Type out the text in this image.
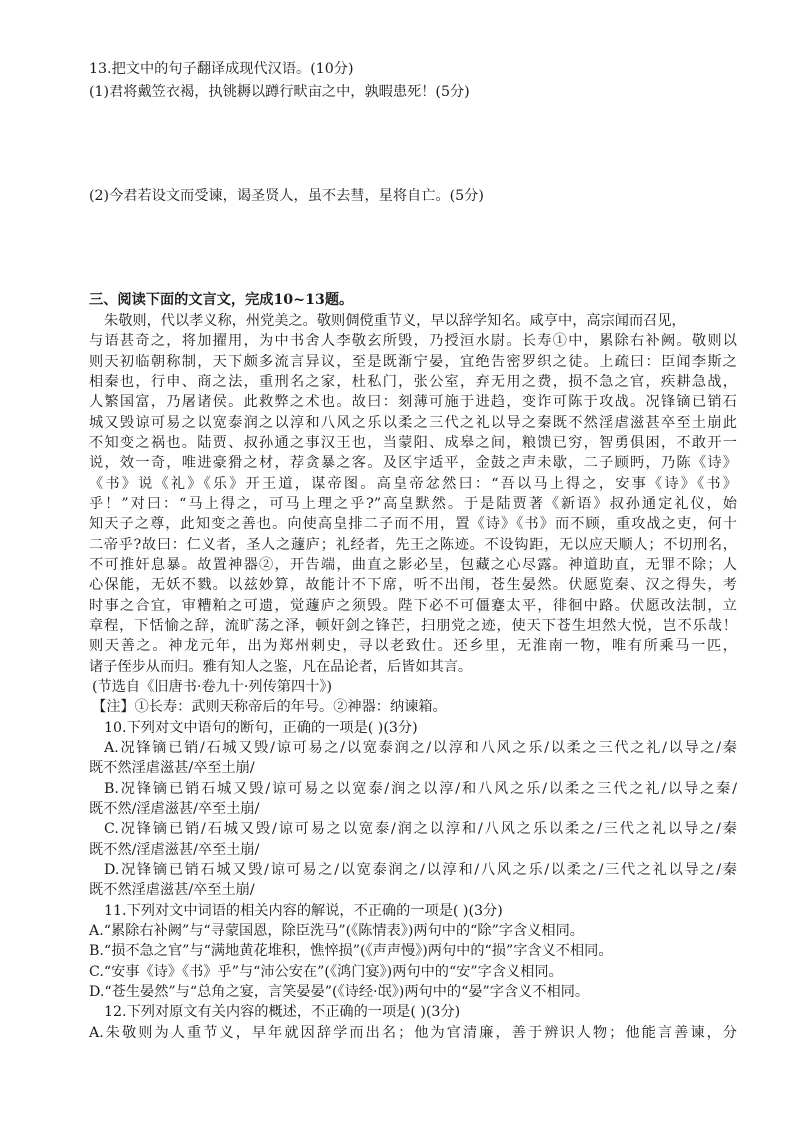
13.把文中的句子翻译成现代汉语。(10分)
(1)君将戴笠衣褐，执铫耨以蹲行畎亩之中，孰暇患死！(5分)
(2)今君若设文而受谏，谒圣贤人，虽不去彗，星将自亡。(5分)
三、阅读下面的文言文，完成10~13题。
朱敬则，代以孝义称，州党美之。敬则倜傥重节义，早以辞学知名。咸亨中，高宗闻而召见，
与语甚奇之，将加擢用，为中书舍人李敬玄所毁，乃授洹水尉。长寿①中，累除右补阙。敬则以
则天初临朝称制，天下颇多流言异议，至是既渐宁晏，宜绝告密罗织之徒。上疏曰：臣闻李斯之
相秦也，行申、商之法，重刑名之家，杜私门，张公室，弃无用之费，损不急之官，疾耕急战，
人繁国富，乃屠诸侯。此救弊之术也。故曰：刻薄可施于进趋，变诈可陈于攻战。况锋镝已销石
城又毁谅可易之以宽泰润之以淳和八风之乐以柔之三代之礼以导之秦既不然淫虐滋甚卒至土崩此
不知变之祸也。陆贾、叔孙通之事汉王也，当蒙阳、成皋之间，粮馈已穷，智勇俱困，不敢开一
说，效一奇，唯进豪猾之材，荐贪暴之客。及区宇适平，金鼓之声未歇，二子顾眄，乃陈《诗》
《书》说《礼》《乐》开王道，谋帝图。高皇帝忿然曰：“吾以马上得之，安事《诗》《书》
乎！”对曰：“马上得之，可马上理之乎?”高皇默然。于是陆贾著《新语》叔孙通定礼仪，始
知天子之尊，此知变之善也。向使高皇排二子而不用，置《诗》《书》而不顾，重攻战之吏，何十
二帝乎?故曰：仁义者，圣人之蘧庐；礼经者，先王之陈迹。不设钩距，无以应天顺人；不切刑名，
不可推奸息暴。故置神器②，开告端，曲直之影必呈，包藏之心尽露。神道助直，无罪不除；人
心保能，无妖不戮。以兹妙算，故能计不下席，听不出闱，苍生晏然。伏愿览秦、汉之得失，考
时事之合宜，审糟粕之可遗，觉蘧庐之须毁。陛下必不可僵蹇太平，徘徊中路。伏愿改法制，立
章程，下恬愉之辞，流旷荡之泽，顿奸剑之锋芒，扫朋党之迹，使天下苍生坦然大悦，岂不乐哉！
则天善之。神龙元年，出为郑州刺史，寻以老致仕。还乡里，无淮南一物，唯有所乘马一匹，
诸子侄步从而归。雅有知人之鉴，凡在品论者，后皆如其言。
(节选自《旧唐书·卷九十·列传第四十》)
【注】①长寿：武则天称帝后的年号。②神器：纳谏箱。
10.下列对文中语句的断句，正确的一项是( )(3分)
A.况锋镝已销/石城又毁/谅可易之/以宽泰润之/以淳和八风之乐/以柔之三代之礼/以导之/秦
既不然淫虐滋甚/卒至土崩/
B.况锋镝已销石城又毁/谅可易之以宽泰/润之以淳/和八风之乐/以柔之三代之礼/以导之秦/
既不然/淫虐滋甚/卒至土崩/
C.况锋镝已销/石城又毁/谅可易之以宽泰/润之以淳和/八风之乐以柔之/三代之礼以导之/秦
既不然/淫虐滋甚/卒至土崩/
D.况锋镝已销石城又毁/谅可易之/以宽泰润之/以淳和/八风之乐/以柔之/三代之礼以导之/秦
既不然淫虐滋甚/卒至土崩/
11.下列对文中词语的相关内容的解说，不正确的一项是( )(3分)
A.“累除右补阙”与“寻蒙国恩，除臣洗马”(《陈情表》)两句中的“除”字含义相同。
B.“损不急之官”与“满地黄花堆积，憔悴损”(《声声慢》)两句中的“损”字含义不相同。
C.“安事《诗》《书》乎”与“沛公安在”(《鸿门宴》)两句中的“安”字含义相同。
D.“苍生晏然”与“总角之宴，言笑晏晏”(《诗经·氓》)两句中的“晏”字含义不相同。
12.下列对原文有关内容的概述，不正确的一项是( )(3分)
A.朱敬则为人重节义，早年就因辞学而出名；他为官清廉，善于辨识人物；他能言善谏，分
